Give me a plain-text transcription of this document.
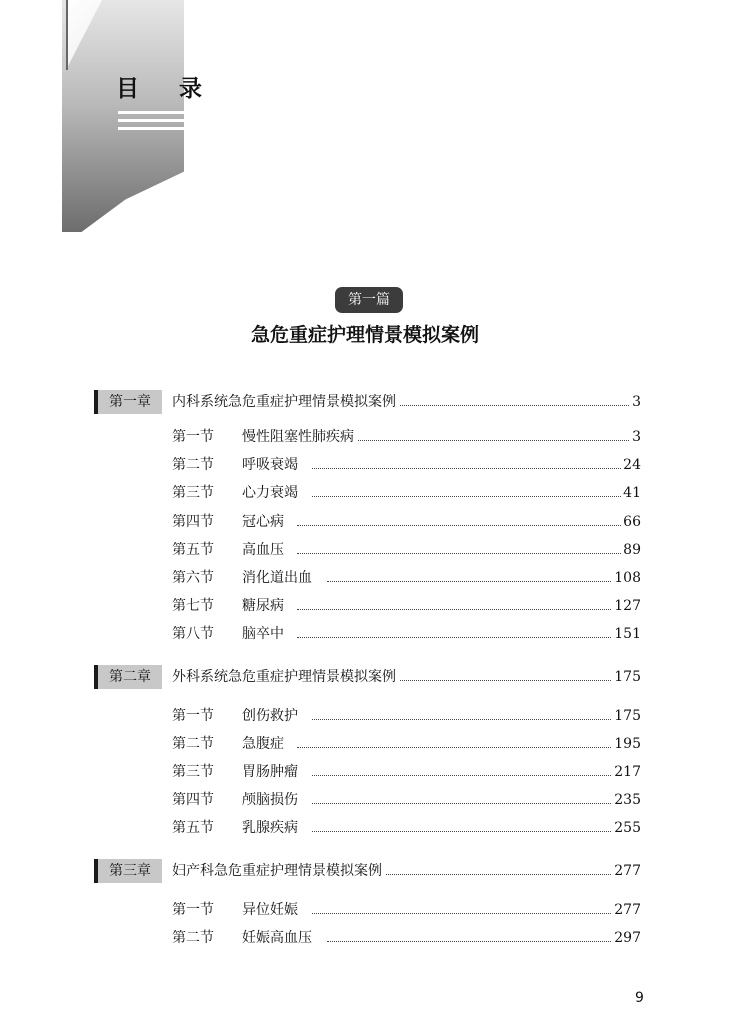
目 录
第一篇
急危重症护理情景模拟案例
第一章	内科系统急危重症护理情景模拟案例	3
第一节 慢性阻塞性肺疾病	3
第二节 呼吸衰竭	24
第三节 心力衰竭	41
第四节 冠心病	66
第五节 高血压	89
第六节 消化道出血	108
第七节 糖尿病	127
第八节 脑卒中	151
第二章	外科系统急危重症护理情景模拟案例	175
第一节 创伤救护	175
第二节 急腹症	195
第三节 胃肠肿瘤	217
第四节 颅脑损伤	235
第五节 乳腺疾病	255
第三章	妇产科急危重症护理情景模拟案例	277
第一节 异位妊娠	277
第二节 妊娠高血压	297
9
